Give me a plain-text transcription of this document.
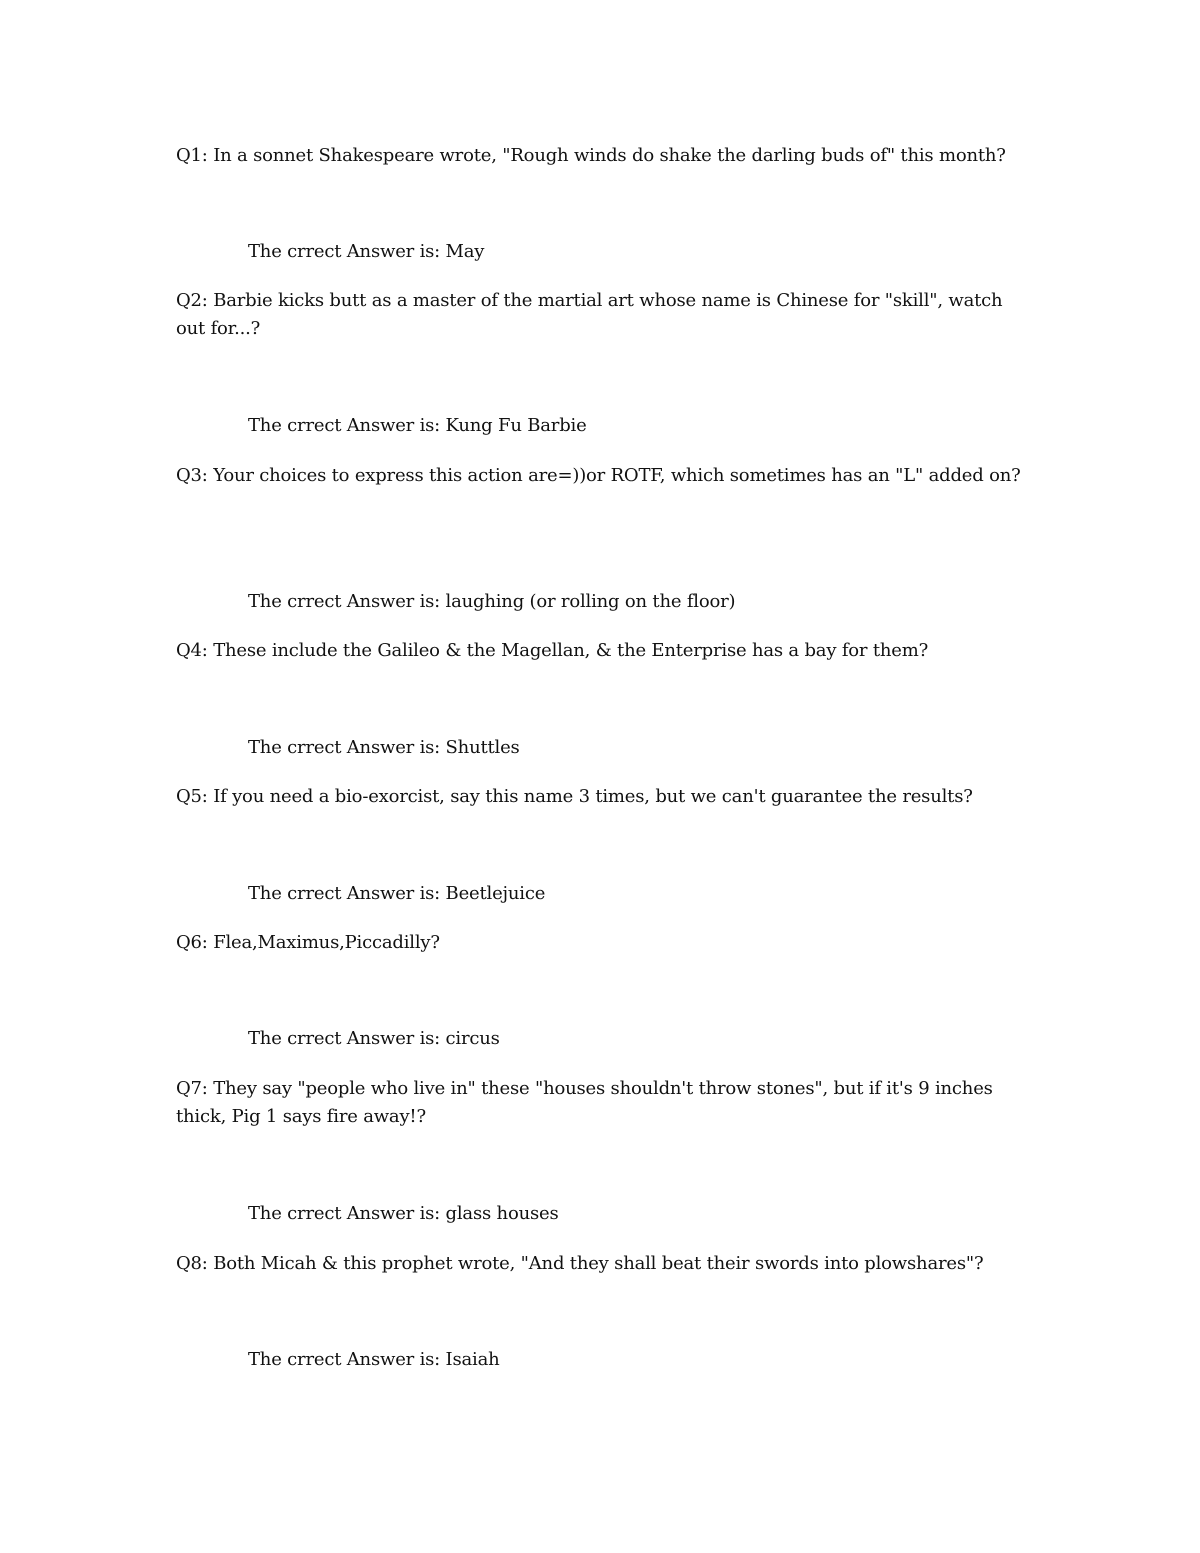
Q1: In a sonnet Shakespeare wrote, "Rough winds do shake the darling buds of" this month?
The crrect Answer is: May
Q2: Barbie kicks butt as a master of the martial art whose name is Chinese for "skill", watch out for...?
The crrect Answer is: Kung Fu Barbie
Q3: Your choices to express this action are=))or ROTF, which sometimes has an "L" added on?
The crrect Answer is: laughing (or rolling on the floor)
Q4: These include the Galileo & the Magellan, & the Enterprise has a bay for them?
The crrect Answer is: Shuttles
Q5: If you need a bio-exorcist, say this name 3 times, but we can't guarantee the results?
The crrect Answer is: Beetlejuice
Q6: Flea,Maximus,Piccadilly?
The crrect Answer is: circus
Q7: They say "people who live in" these "houses shouldn't throw stones", but if it's 9 inches thick, Pig 1 says fire away!?
The crrect Answer is: glass houses
Q8: Both Micah & this prophet wrote, "And they shall beat their swords into plowshares"?
The crrect Answer is: Isaiah
